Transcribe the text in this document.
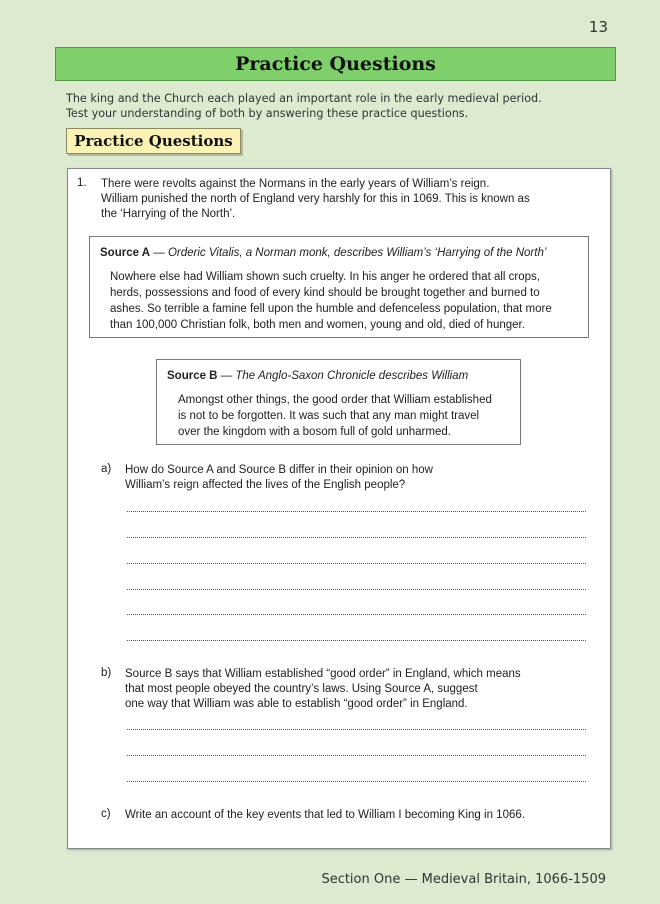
13
Practice Questions
The king and the Church each played an important role in the early medieval period.
Test your understanding of both by answering these practice questions.
Practice Questions
1. There were revolts against the Normans in the early years of William’s reign.
William punished the north of England very harshly for this in 1069. This is known as
the ‘Harrying of the North’.
Source A — Orderic Vitalis, a Norman monk, describes William’s ‘Harrying of the North’
Nowhere else had William shown such cruelty. In his anger he ordered that all crops,
herds, possessions and food of every kind should be brought together and burned to
ashes. So terrible a famine fell upon the humble and defenceless population, that more
than 100,000 Christian folk, both men and women, young and old, died of hunger.
Source B — The Anglo-Saxon Chronicle describes William
Amongst other things, the good order that William established
is not to be forgotten. It was such that any man might travel
over the kingdom with a bosom full of gold unharmed.
a) How do Source A and Source B differ in their opinion on how
William’s reign affected the lives of the English people?
b) Source B says that William established “good order” in England, which means
that most people obeyed the country’s laws. Using Source A, suggest
one way that William was able to establish “good order” in England.
c) Write an account of the key events that led to William I becoming King in 1066.
Section One — Medieval Britain, 1066-1509
